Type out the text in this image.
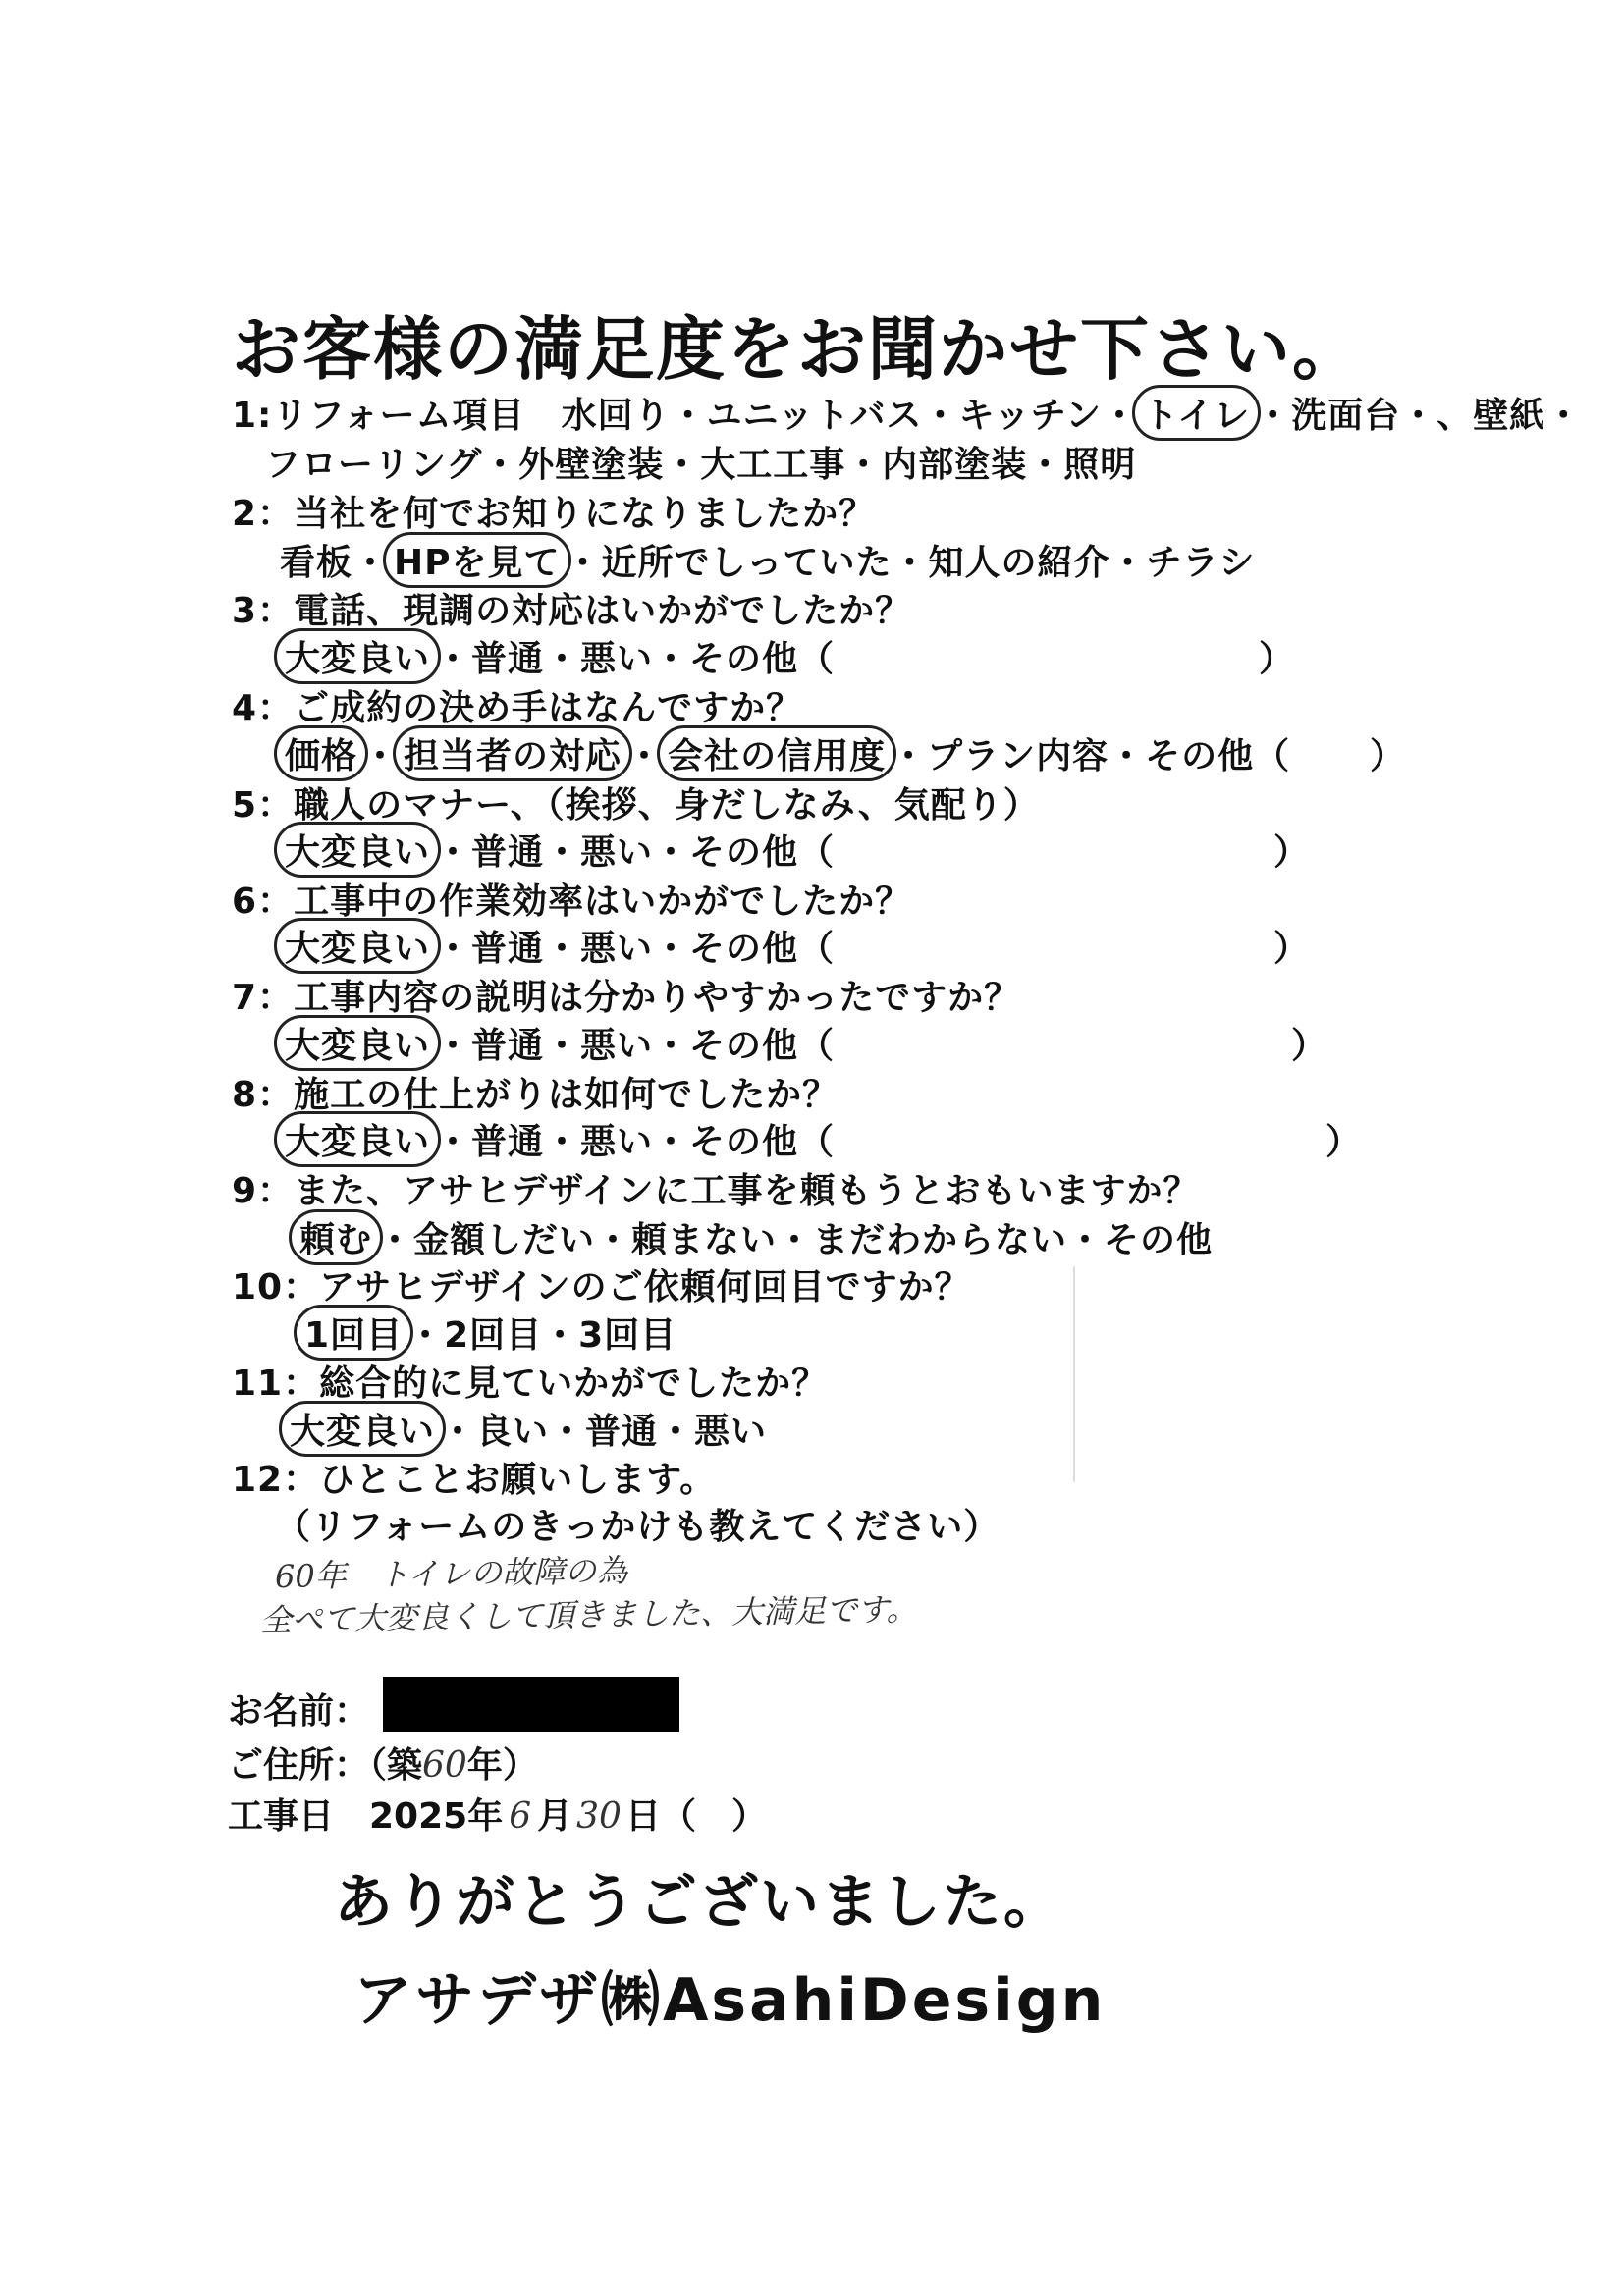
お客様の満足度をお聞かせ下さい。
1:リフォーム項目　水回り・ユニットバス・キッチン・ トイレ ・洗面台・、壁紙・
フローリング・外壁塗装・大工工事・内部塗装・照明
2：当社を何でお知りになりましたか？
看板・ HPを見て ・近所でしっていた・知人の紹介・チラシ
3：電話、現調の対応はいかがでしたか？
大変良い ・普通・悪い・その他（	）
4：ご成約の決め手はなんですか？
価格 ・ 担当者の対応 ・ 会社の信用度 ・プラン内容・その他（ ）
5：職人のマナー、（挨拶、身だしなみ、気配り）
大変良い ・普通・悪い・その他（	）
6：工事中の作業効率はいかがでしたか？
大変良い ・普通・悪い・その他（	）
7：工事内容の説明は分かりやすかったですか？
大変良い ・普通・悪い・その他（	）
8：施工の仕上がりは如何でしたか？
大変良い ・普通・悪い・その他（	）
9：また、アサヒデザインに工事を頼もうとおもいますか？
頼む ・金額しだい・頼まない・まだわからない・その他
10：アサヒデザインのご依頼何回目ですか？
1回目 ・2回目・3回目
11：総合的に見ていかがでしたか？
大変良い ・良い・普通・悪い
12：ひとことお願いします。
（リフォームのきっかけも教えてください）
60年　トイレの故障の為
全ぺて大変良くして頂きました、大満足です。
お名前：
ご住所：（築60年）
工事日　2025年 6 月 30 日（　）
ありがとうございました。
アサデザ㈱AsahiDesign
